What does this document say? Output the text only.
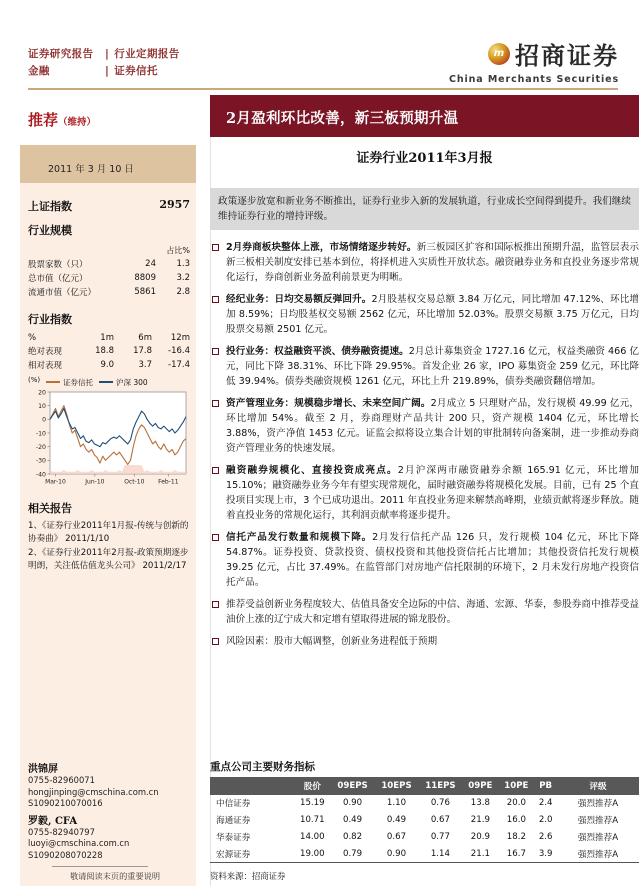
证券研究报告 | 行业定期报告
金融	| 证券信托
m 招商证券
China Merchants Securities
2011 年 3 月 10 日
推荐（维持）
上证指数	2957
行业规模
		占比%
股票家数（只）	24	1.3
总市值（亿元）	8809	3.2
流通市值（亿元）	5861	2.8
行业指数
%	1m	6m	12m
绝对表现	18.8	17.8	-16.4
相对表现	9.0	3.7	-17.4
(%)	证券信托	沪深 300
20
10
0
-10
-20
-30
-40
Mar-10	Jun-10	Oct-10 Feb-11
相关报告
1、《证券行业2011年1月报-传统与创新的协奏曲》 2011/1/10
2、《证券行业2011年2月报-政策预期逐步明朗，关注低估值龙头公司》 2011/2/17
洪锦屏
0755-82960071
hongjinping@cmschina.com.cn
S1090210070016
罗毅, CFA
0755-82940797
luoyi@cmschina.com.cn
S1090208070228
敬请阅读末页的重要说明
2月盈利环比改善，新三板预期升温
证券行业2011年3月报
政策逐步放宽和新业务不断推出，证券行业步入新的发展轨道，行业成长空间得到提升。我们继续维持证券行业的增持评级。
2月券商板块整体上涨，市场情绪逐步转好。新三板园区扩容和国际板推出预期升温，监管层表示新三板相关制度安排已基本到位，将择机进入实质性开放状态。融资融券业务和直投业务逐步常规化运行，券商创新业务盈利前景更为明晰。
经纪业务：日均交易额反弹回升。2月股基权交易总额 3.84 万亿元，同比增加 47.12%、环比增加 8.59%；日均股基权交易额 2562 亿元，环比增加 52.03%。股票交易额 3.75 万亿元，日均股票交易额 2501 亿元。
投行业务：权益融资平淡、债券融资提速。2月总计募集资金 1727.16 亿元，权益类融资 466 亿元，同比下降 38.31%、环比下降 29.95%。首发企业 26 家，IPO 募集资金 259 亿元，环比降低 39.94%。债券类融资规模 1261 亿元，环比上升 219.89%，债券类融资翻倍增加。
资产管理业务：规模稳步增长、未来空间广阔。2月成立 5 只理财产品，发行规模 49.99 亿元，环比增加 54%。截至 2 月，券商理财产品共计 200 只，资产规模 1404 亿元，环比增长 3.88%，资产净值 1453 亿元。证监会拟将设立集合计划的审批制转向备案制，进一步推动券商资产管理业务的快速发展。
融资融券规模化、直接投资成亮点。2月沪深两市融资融券余额 165.91 亿元，环比增加 15.10%；融资融券业务今年有望实现常规化，届时融资融券将规模化发展。目前，已有 25 个直投项目实现上市，3 个已成功退出。2011 年直投业务迎来解禁高峰期，业绩贡献将逐步释放。随着直投业务的常规化运行，其利润贡献率将逐步提升。
信托产品发行数量和规模下降。2月发行信托产品 126 只，发行规模 104 亿元，环比下降 54.87%。证券投资、贷款投资、债权投资和其他投资信托占比增加；其他投资信托发行规模 39.25 亿元，占比 37.49%。在监管部门对房地产信托限制的环境下，2 月未发行房地产投资信托产品。
推荐受益创新业务程度较大、估值具备安全边际的中信、海通、宏源、华泰，参股券商中推荐受益油价上涨的辽宁成大和定增有望取得进展的锦龙股份。
风险因素：股市大幅调整，创新业务进程低于预期
重点公司主要财务指标
	股价	09EPS	10EPS	11EPS	09PE	10PE	PB	评级
中信证券	15.19	0.90	1.10	0.76	13.8	20.0	2.4	强烈推荐A
海通证券	10.71	0.49	0.49	0.67	21.9	16.0	2.0	强烈推荐A
华泰证券	14.00	0.82	0.67	0.77	20.9	18.2	2.6	强烈推荐A
宏源证券	19.00	0.79	0.90	1.14	21.1	16.7	3.9	强烈推荐A
资料来源：招商证券
